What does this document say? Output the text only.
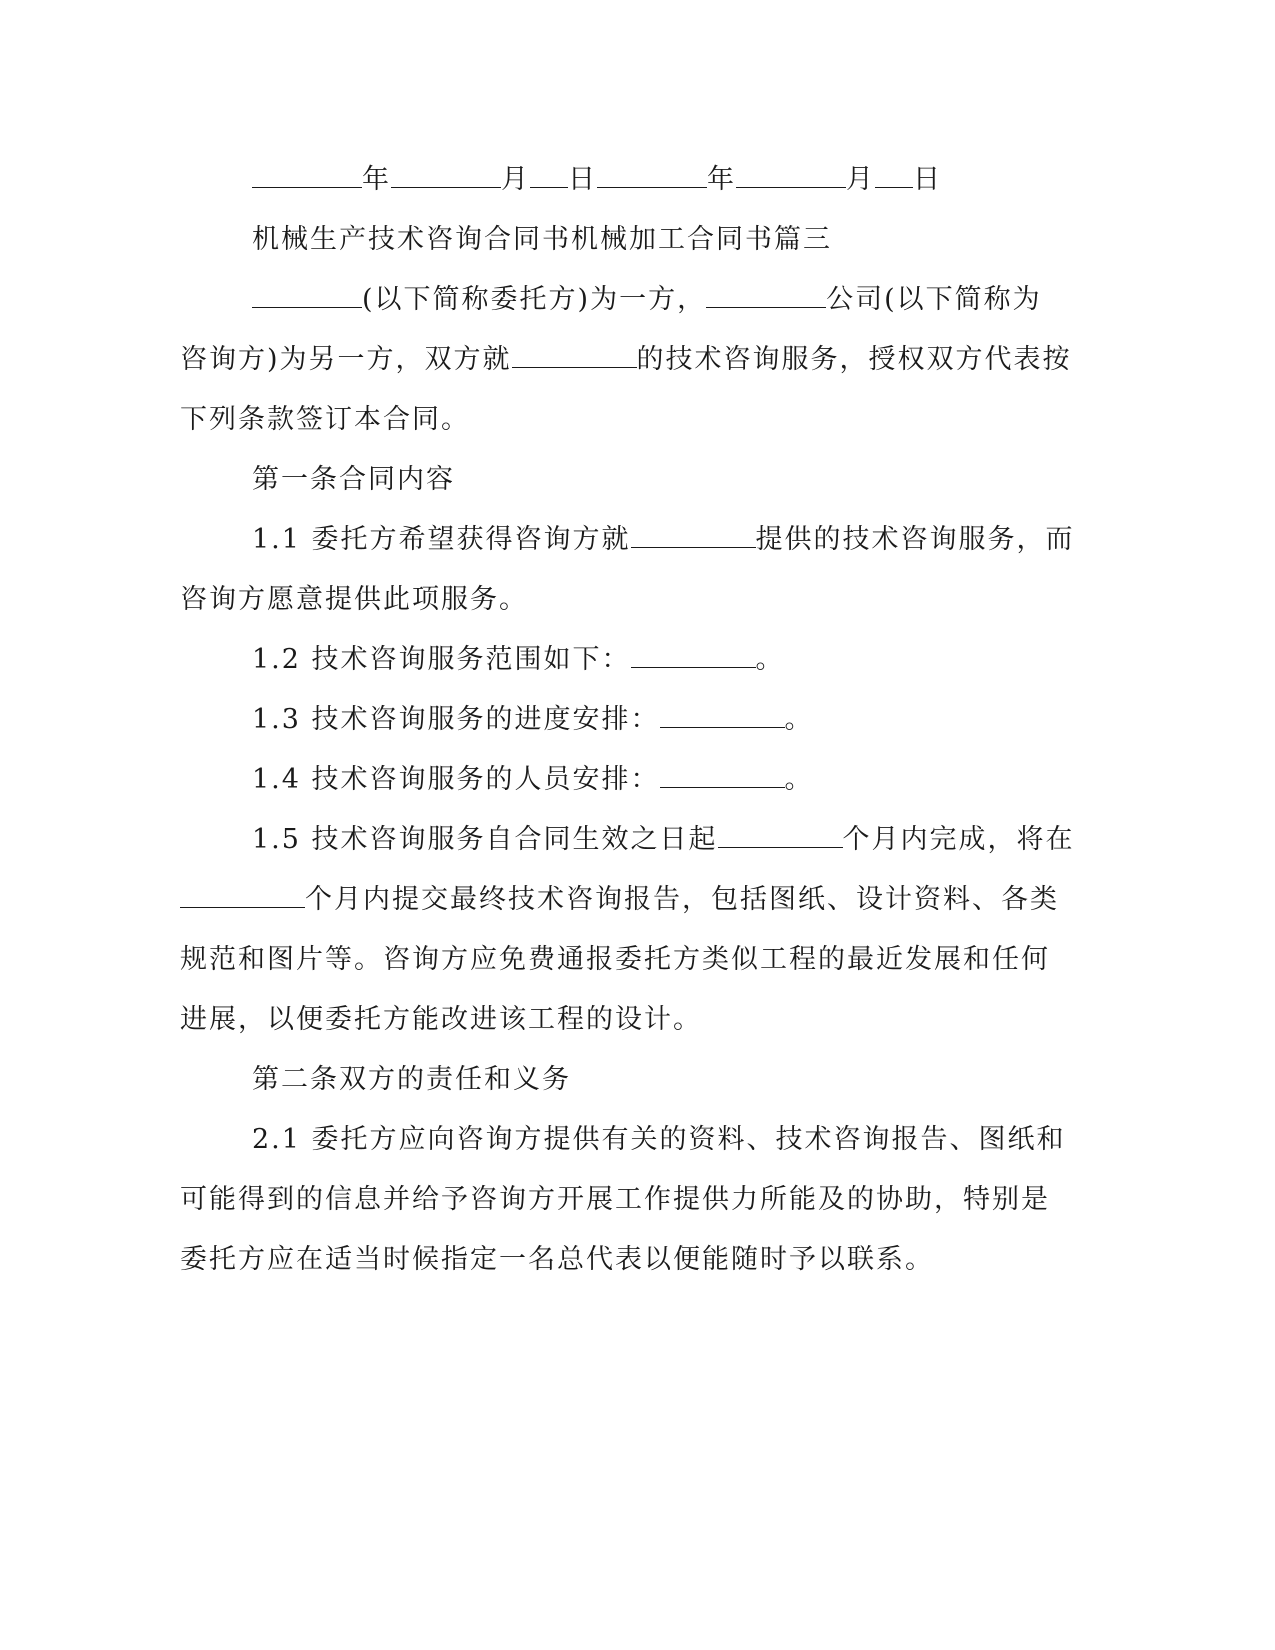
年	月 日	年	月 日
机械生产技术咨询合同书机械加工合同书篇三
(以下简称委托方)为一方，	公司(以下简称为
咨询方)为另一方，双方就	的技术咨询服务，授权双方代表按
下列条款签订本合同。
第一条合同内容
1.1 委托方希望获得咨询方就	提供的技术咨询服务，而
咨询方愿意提供此项服务。
1.2 技术咨询服务范围如下：	。
1.3 技术咨询服务的进度安排：	。
1.4 技术咨询服务的人员安排：	。
1.5 技术咨询服务自合同生效之日起	个月内完成，将在
个月内提交最终技术咨询报告，包括图纸、设计资料、各类
规范和图片等。咨询方应免费通报委托方类似工程的最近发展和任何
进展，以便委托方能改进该工程的设计。
第二条双方的责任和义务
2.1 委托方应向咨询方提供有关的资料、技术咨询报告、图纸和
可能得到的信息并给予咨询方开展工作提供力所能及的协助，特别是
委托方应在适当时候指定一名总代表以便能随时予以联系。
